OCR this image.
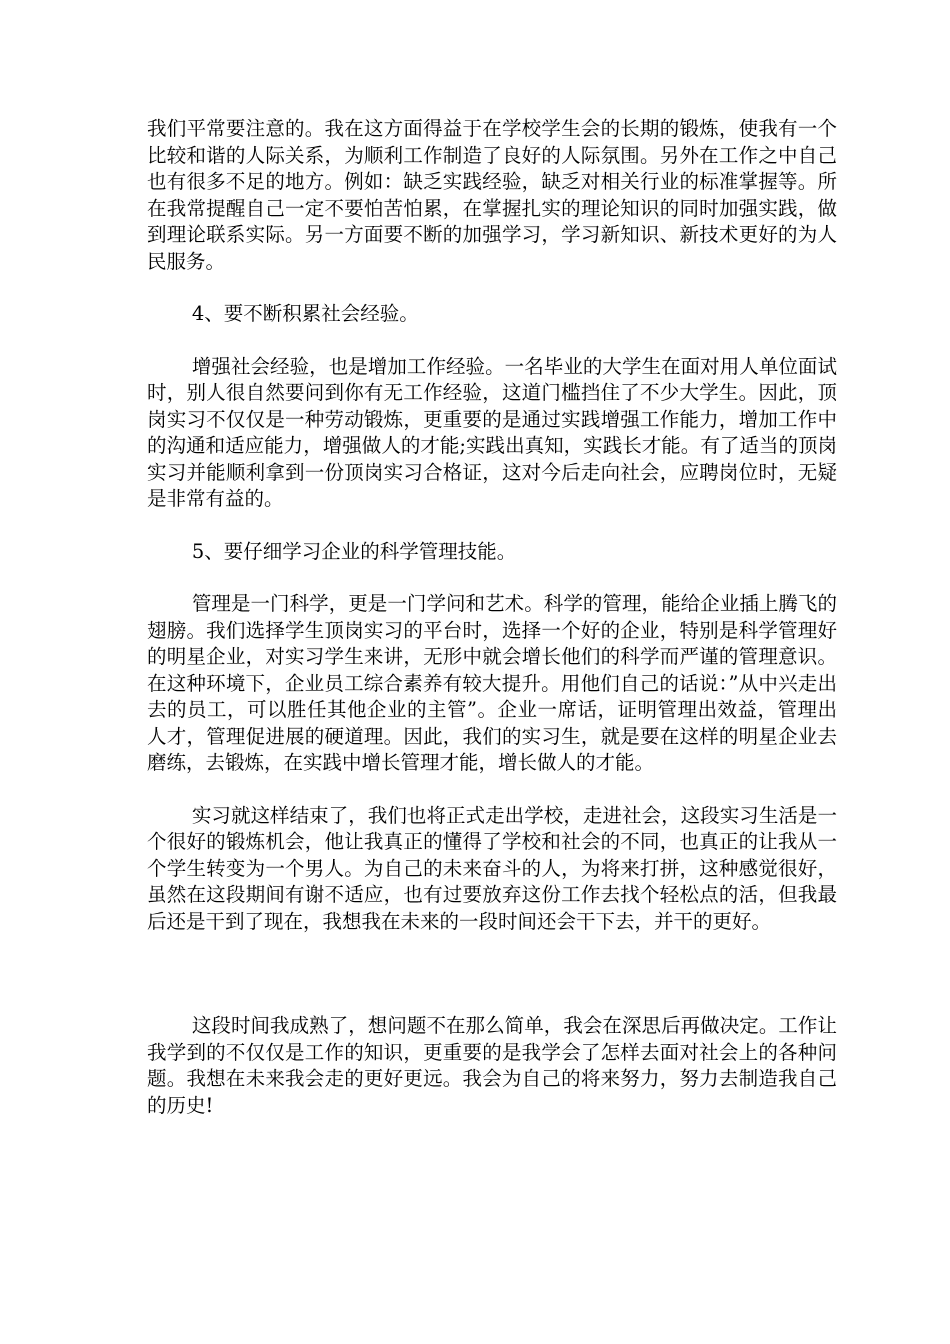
我们平常要注意的。我在这方面得益于在学校学生会的长期的锻炼，使我有一个比较和谐的人际关系，为顺利工作制造了良好的人际氛围。另外在工作之中自己也有很多不足的地方。例如：缺乏实践经验，缺乏对相关行业的标准掌握等。所在我常提醒自己一定不要怕苦怕累，在掌握扎实的理论知识的同时加强实践，做到理论联系实际。另一方面要不断的加强学习，学习新知识、新技术更好的为人民服务。

4、要不断积累社会经验。

增强社会经验，也是增加工作经验。一名毕业的大学生在面对用人单位面试时，别人很自然要问到你有无工作经验，这道门槛挡住了不少大学生。因此，顶岗实习不仅仅是一种劳动锻炼，更重要的是通过实践增强工作能力，增加工作中的沟通和适应能力，增强做人的才能;实践出真知，实践长才能。有了适当的顶岗实习并能顺利拿到一份顶岗实习合格证，这对今后走向社会，应聘岗位时，无疑是非常有益的。

5、要仔细学习企业的科学管理技能。

管理是一门科学，更是一门学问和艺术。科学的管理，能给企业插上腾飞的翅膀。我们选择学生顶岗实习的平台时，选择一个好的企业，特别是科学管理好的明星企业，对实习学生来讲，无形中就会增长他们的科学而严谨的管理意识。在这种环境下，企业员工综合素养有较大提升。用他们自己的话说：”从中兴走出去的员工，可以胜任其他企业的主管”。企业一席话，证明管理出效益，管理出人才，管理促进展的硬道理。因此，我们的实习生，就是要在这样的明星企业去磨练，去锻炼，在实践中增长管理才能，增长做人的才能。

实习就这样结束了，我们也将正式走出学校，走进社会，这段实习生活是一个很好的锻炼机会，他让我真正的懂得了学校和社会的不同，也真正的让我从一个学生转变为一个男人。为自己的未来奋斗的人，为将来打拼，这种感觉很好，虽然在这段期间有谢不适应，也有过要放弃这份工作去找个轻松点的活，但我最后还是干到了现在，我想我在未来的一段时间还会干下去，并干的更好。

这段时间我成熟了，想问题不在那么简单，我会在深思后再做决定。工作让我学到的不仅仅是工作的知识，更重要的是我学会了怎样去面对社会上的各种问题。我想在未来我会走的更好更远。我会为自己的将来努力，努力去制造我自己的历史!
